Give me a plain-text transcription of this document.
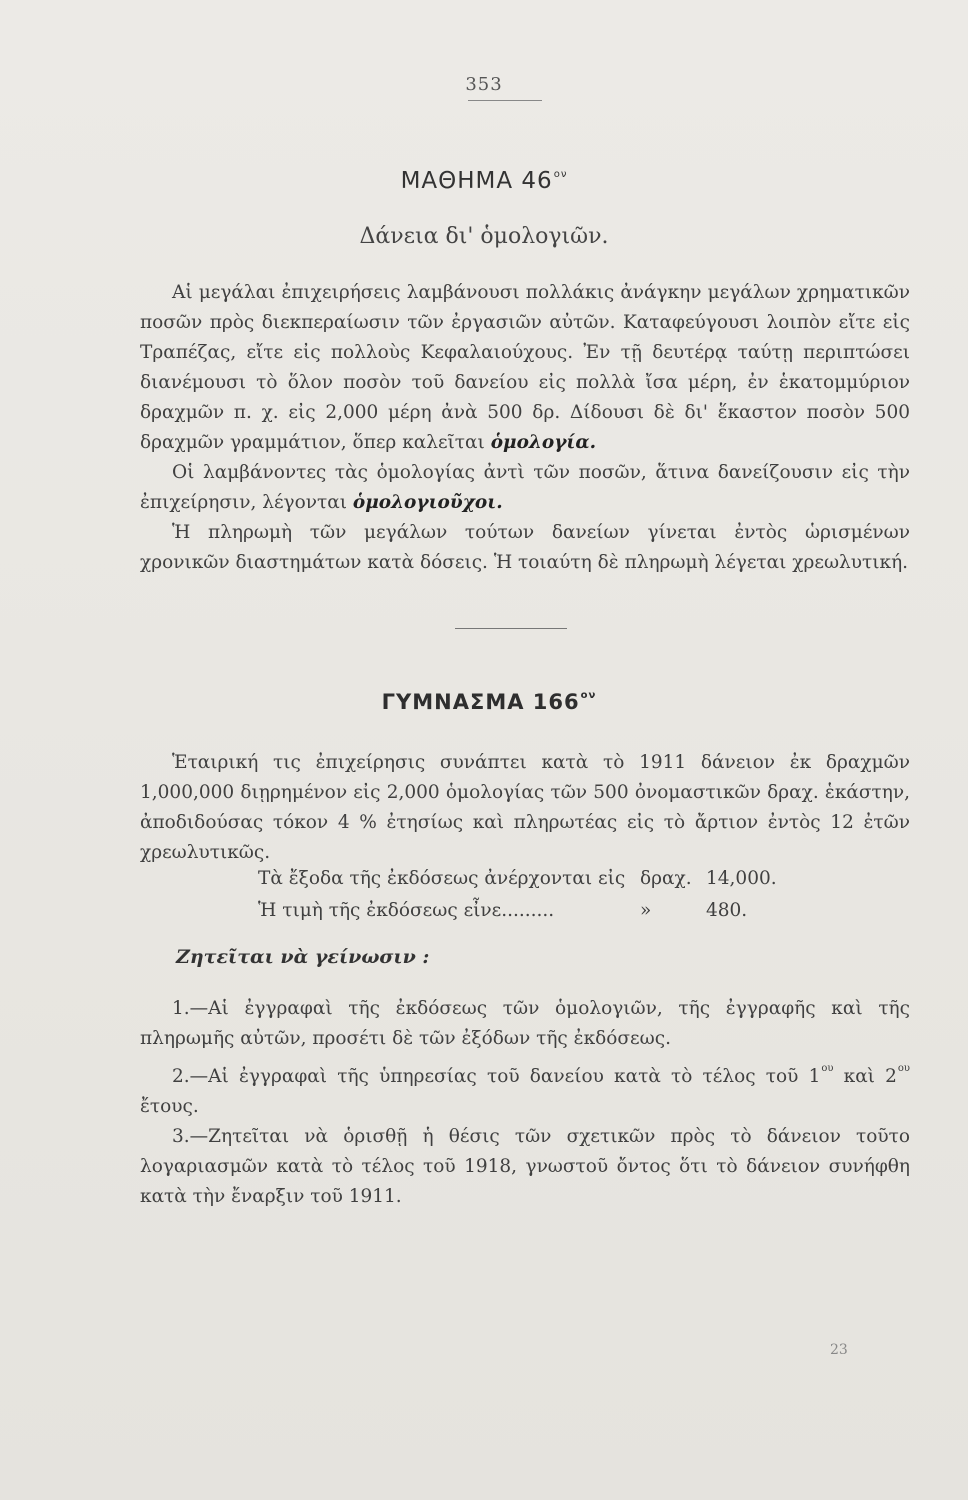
353
ΜΑΘΗΜΑ $46^{o\nu}$
Δάνεια δι' ὁμολογιῶν.

Αἱ μεγάλαι ἐπιχειρήσεις λαμβάνουσι πολλάκις ἀνάγκην μεγάλων χρηματικῶν ποσῶν πρὸς διεκπεραίωσιν τῶν ἐργασιῶν αὐτῶν. Καταφεύγουσι λοιπὸν εἴτε εἰς Τραπέζας, εἴτε εἰς πολλοὺς Κεφαλαιούχους. Ἐν τῇ δευτέρᾳ ταύτῃ περιπτώσει διανέμουσι τὸ ὅλον ποσὸν τοῦ δανείου εἰς πολλὰ ἴσα μέρη, ἐν ἑκατομμύριον δραχμῶν π. χ. εἰς 2,000 μέρη ἀνὰ 500 δρ. Δίδουσι δὲ δι' ἕκαστον ποσὸν 500 δραχμῶν γραμμάτιον, ὅπερ καλεῖται ὁμολογία.

Οἱ λαμβάνοντες τὰς ὁμολογίας ἀντὶ τῶν ποσῶν, ἅτινα δανείζουσιν εἰς τὴν ἐπιχείρησιν, λέγονται ὁμολογιοῦχοι.

Ἡ πληρωμὴ τῶν μεγάλων τούτων δανείων γίνεται ἐντὸς ὡρισμένων χρονικῶν διαστημάτων κατὰ δόσεις. Ἡ τοιαύτη δὲ πληρωμὴ λέγεται χρεωλυτική.

ΓΥΜΝΑΣΜΑ $166^{o\nu}$

Ἑταιρική τις ἐπιχείρησις συνάπτει κατὰ τὸ 1911 δάνειον ἐκ δραχμῶν 1,000,000 διῃρημένον εἰς 2,000 ὁμολογίας τῶν 500 ὀνομαστικῶν δραχ. ἑκάστην, ἀποδιδούσας τόκον 4 % ἐτησίως καὶ πληρωτέας εἰς τὸ ἄρτιον ἐντὸς 12 ἐτῶν χρεωλυτικῶς.

Τὰ ἔξοδα τῆς ἐκδόσεως ἀνέρχονται εἰς δραχ. 14,000.
Ἡ τιμὴ τῆς ἐκδόσεως εἶνε.........	»	480.
Ζητεῖται νὰ γείνωσιν :

1.—Αἱ ἐγγραφαὶ τῆς ἐκδόσεως τῶν ὁμολογιῶν, τῆς ἐγγραφῆς καὶ τῆς πληρωμῆς αὐτῶν, προσέτι δὲ τῶν ἐξόδων τῆς ἐκδόσεως.

2.—Αἱ ἐγγραφαὶ τῆς ὑπηρεσίας τοῦ δανείου κατὰ τὸ τέλος τοῦ $1^{o\upsilon}$ καὶ $2^{o\upsilon}$ ἔτους.

3.—Ζητεῖται νὰ ὁρισθῇ ἡ θέσις τῶν σχετικῶν πρὸς τὸ δάνειον τοῦτο λογαριασμῶν κατὰ τὸ τέλος τοῦ 1918, γνωστοῦ ὄντος ὅτι τὸ δάνειον συνήφθη κατὰ τὴν ἔναρξιν τοῦ 1911.

23
